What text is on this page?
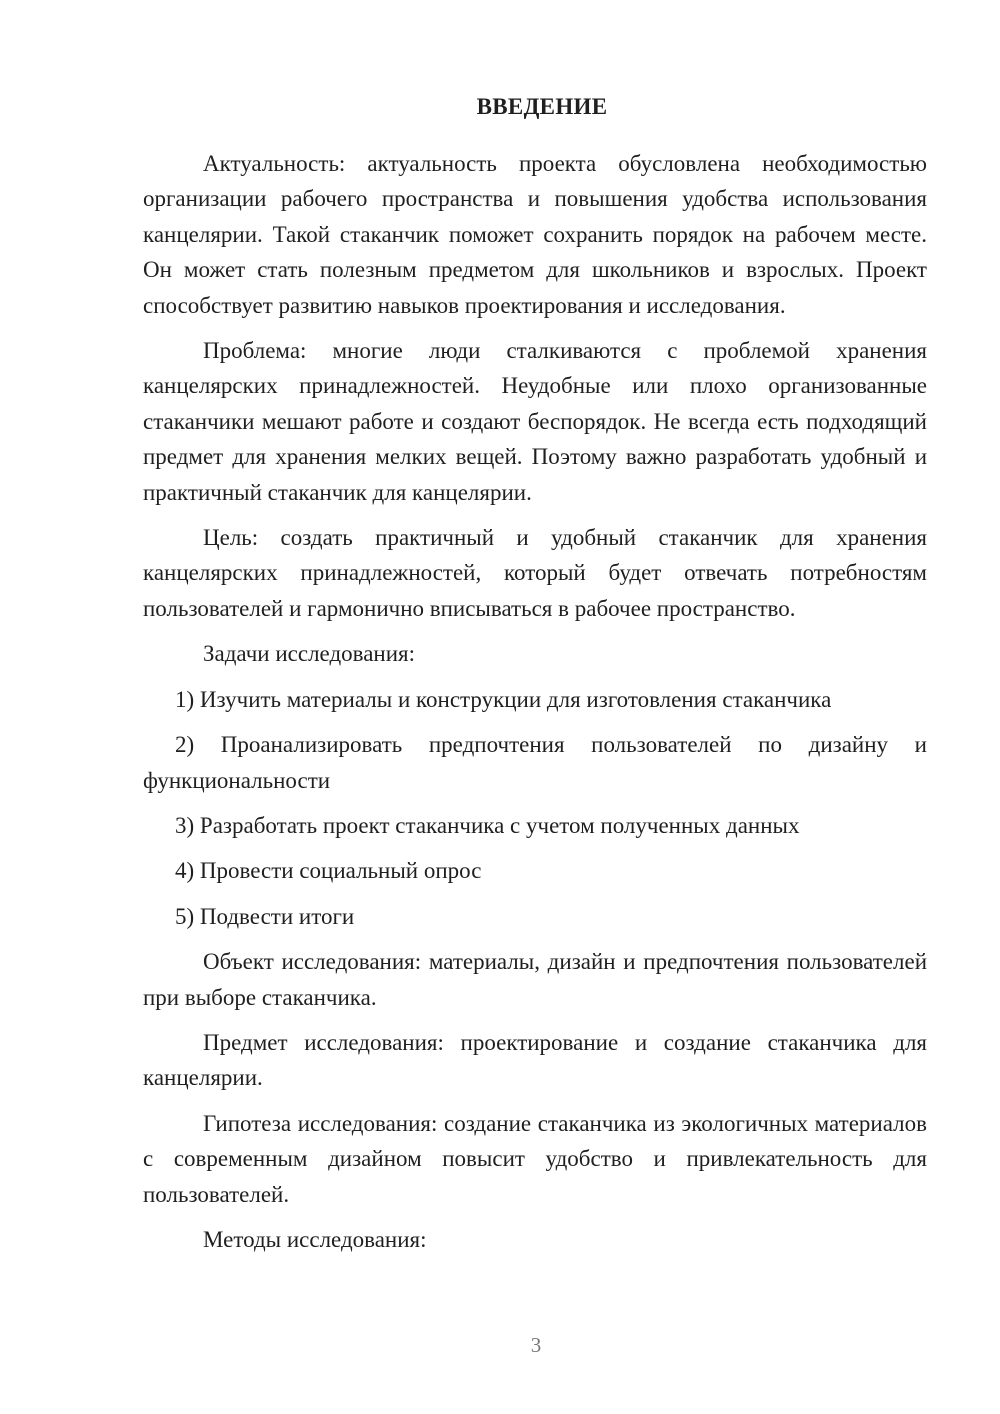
ВВЕДЕНИЕ

Актуальность: актуальность проекта обусловлена необходимостью организации рабочего пространства и повышения удобства использования канцелярии. Такой стаканчик поможет сохранить порядок на рабочем месте. Он может стать полезным предметом для школьников и взрослых. Проект способствует развитию навыков проектирования и исследования.

Проблема: многие люди сталкиваются с проблемой хранения канцелярских принадлежностей. Неудобные или плохо организованные стаканчики мешают работе и создают беспорядок. Не всегда есть подходящий предмет для хранения мелких вещей. Поэтому важно разработать удобный и практичный стаканчик для канцелярии.

Цель: создать практичный и удобный стаканчик для хранения канцелярских принадлежностей, который будет отвечать потребностям пользователей и гармонично вписываться в рабочее пространство.

Задачи исследования:

1) Изучить материалы и конструкции для изготовления стаканчика

2) Проанализировать предпочтения пользователей по дизайну и функциональности

3) Разработать проект стаканчика с учетом полученных данных

4) Провести социальный опрос

5) Подвести итоги

Объект исследования: материалы, дизайн и предпочтения пользователей при выборе стаканчика.

Предмет исследования: проектирование и создание стаканчика для канцелярии.

Гипотеза исследования: создание стаканчика из экологичных материалов с современным дизайном повысит удобство и привлекательность для пользователей.

Методы исследования:

3
